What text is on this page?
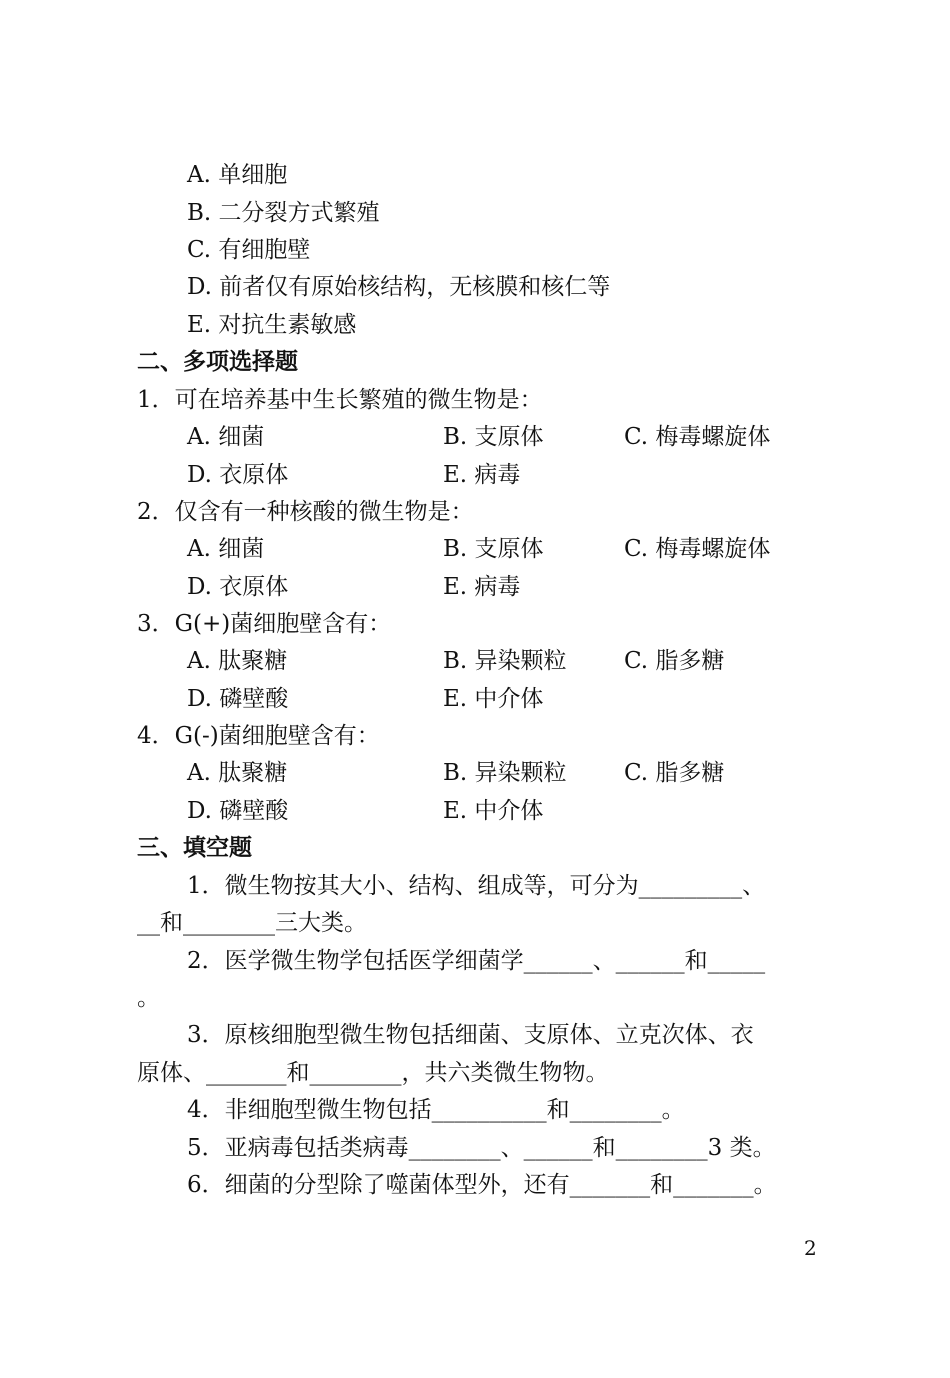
A. 单细胞
B. 二分裂方式繁殖
C. 有细胞壁
D. 前者仅有原始核结构，无核膜和核仁等
E. 对抗生素敏感
二、多项选择题
1．可在培养基中生长繁殖的微生物是：
A. 细菌	B. 支原体	C. 梅毒螺旋体
D. 衣原体	E. 病毒
2．仅含有一种核酸的微生物是：
A. 细菌	B. 支原体	C. 梅毒螺旋体
D. 衣原体	E. 病毒
3．G(+)菌细胞壁含有：
A. 肽聚糖	B. 异染颗粒 C. 脂多糖
D. 磷壁酸	E. 中介体
4．G(-)菌细胞壁含有：
A. 肽聚糖	B. 异染颗粒 C. 脂多糖
D. 磷壁酸	E. 中介体
三、填空题
1．微生物按其大小、结构、组成等，可分为_________、
__和________三大类。
2．医学微生物学包括医学细菌学______、______和_____
。
3．原核细胞型微生物包括细菌、支原体、立克次体、衣
原体、_______和________，共六类微生物物。
4．非细胞型微生物包括__________和________。
5．亚病毒包括类病毒________、______和________3 类。
6．细菌的分型除了噬菌体型外，还有_______和_______。
2
